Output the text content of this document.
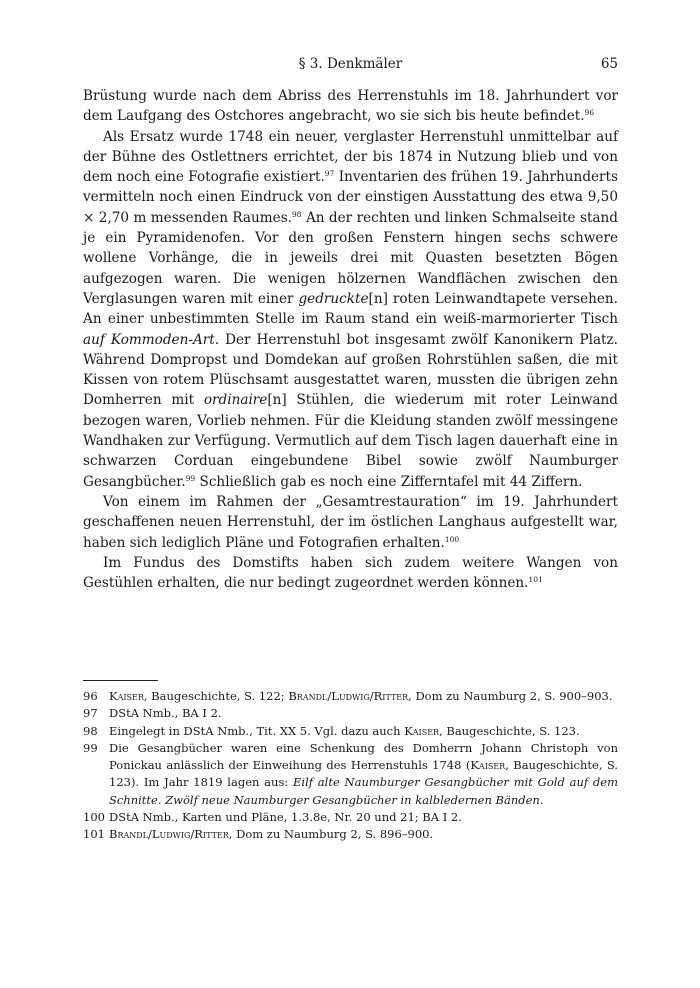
§ 3. Denkmäler	65

Brüstung wurde nach dem Abriss des Herrenstuhls im 18. Jahrhundert vor dem Laufgang des Ostchores angebracht, wo sie sich bis heute befindet.$^{96}$

Als Ersatz wurde 1748 ein neuer, verglaster Herrenstuhl unmittelbar auf der Bühne des Ostlettners errichtet, der bis 1874 in Nutzung blieb und von dem noch eine Fotografie existiert.$^{97}$ Inventarien des frühen 19. Jahrhunderts vermitteln noch einen Eindruck von der einstigen Ausstattung des etwa 9,50 × 2,70 m messenden Raumes.$^{98}$ An der rechten und linken Schmalseite stand je ein Pyramidenofen. Vor den großen Fenstern hingen sechs schwere wollene Vorhänge, die in jeweils drei mit Quasten besetzten Bögen aufgezogen waren. Die wenigen hölzernen Wandflächen zwischen den Verglasungen waren mit einer gedruckte[n] roten Leinwandtapete versehen. An einer unbestimmten Stelle im Raum stand ein weiß-marmorierter Tisch auf Kommoden-Art. Der Herrenstuhl bot insgesamt zwölf Kanonikern Platz. Während Dompropst und Domdekan auf großen Rohrstühlen saßen, die mit Kissen von rotem Plüschsamt ausgestattet waren, mussten die übrigen zehn Domherren mit ordinaire[n] Stühlen, die wiederum mit roter Leinwand bezogen waren, Vorlieb nehmen. Für die Kleidung standen zwölf messingene Wandhaken zur Verfügung. Vermutlich auf dem Tisch lagen dauerhaft eine in schwarzen Corduan eingebundene Bibel sowie zwölf Naumburger Gesangbücher.$^{99}$ Schließlich gab es noch eine Zifferntafel mit 44 Ziffern.

Von einem im Rahmen der „Gesamtrestauration“ im 19. Jahrhundert geschaffenen neuen Herrenstuhl, der im östlichen Langhaus aufgestellt war, haben sich lediglich Pläne und Fotografien erhalten.$^{100}$

Im Fundus des Domstifts haben sich zudem weitere Wangen von Gestühlen erhalten, die nur bedingt zugeordnet werden können.$^{101}$

96 Kaiser, Baugeschichte, S. 122; Brandl/Ludwig/Ritter, Dom zu Naumburg 2, S. 900–903.
97 DStA Nmb., BA I 2.
98 Eingelegt in DStA Nmb., Tit. XX 5. Vgl. dazu auch Kaiser, Baugeschichte, S. 123.
99 Die Gesangbücher waren eine Schenkung des Domherrn Johann Christoph von Ponickau anlässlich der Einweihung des Herrenstuhls 1748 (Kaiser, Baugeschichte, S. 123). Im Jahr 1819 lagen aus: Eilf alte Naumburger Gesangbücher mit Gold auf dem Schnitte. Zwölf neue Naumburger Gesangbücher in kalbledernen Bänden.
100 DStA Nmb., Karten und Pläne, 1.3.8e, Nr. 20 und 21; BA I 2.
101 Brandl/Ludwig/Ritter, Dom zu Naumburg 2, S. 896–900.
